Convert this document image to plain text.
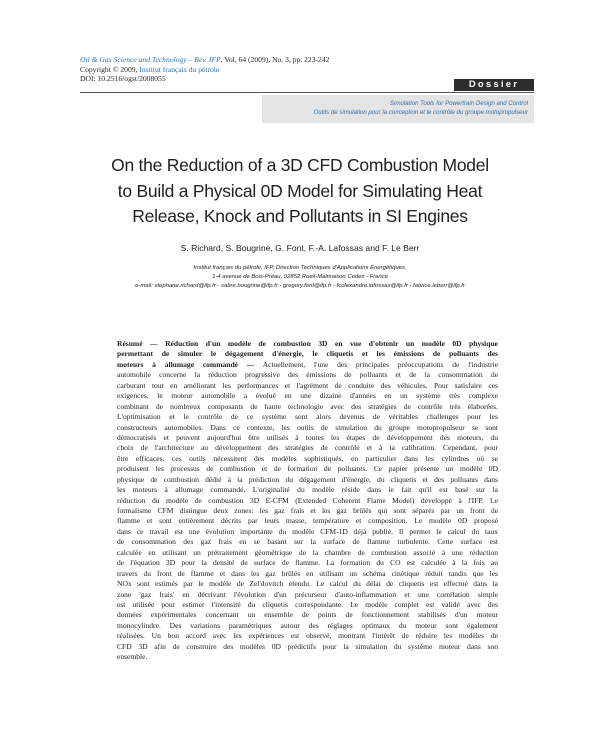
Oil & Gas Science and Technology – Rev. IFP, Vol. 64 (2009), No. 3, pp. 223-242
Copyright © 2009, Institut français du pétrole
DOI: 10.2516/ogst/2008055
Dossier
Simulation Tools for Powertrain Design and Control
Outils de simulation pour la conception et le contrôle du groupe motopropulseur
On the Reduction of a 3D CFD Combustion Model
to Build a Physical 0D Model for Simulating Heat
Release, Knock and Pollutants in SI Engines
S. Richard, S. Bougrine, G. Font, F.-A. Lafossas and F. Le Berr
Institut français du pétrole, IFP, Direction Techniques d'Applications Énergétiques,
1-4 avenue de Bois-Préau, 92852 Rueil-Malmaison Cedex - France
e-mail: stephane.richard@ifp.fr - sabre.bougrine@ifp.fr - gregory.font@ifp.fr - fcolexandre.lafossas@ifp.fr - fabrice.leberr@ifp.fr
Résumé — Réduction d'un modèle de combustion 3D en vue d'obtenir un modèle 0D physique
permettant de simuler le dégagement d'énergie, le cliquetis et les émissions de polluants des
moteurs à allumage commandé — Actuellement, l'une des principales préoccupations de l'industrie
automobile concerne la réduction progressive des émissions de polluants et de la consommation de
carburant tout en améliorant les performances et l'agrément de conduite des véhicules. Pour satisfaire ces
exigences, le moteur automobile a évolué en une dizaine d'années en un système très complexe
combinant de nombreux composants de haute technologie avec des stratégies de contrôle très élaborées.
L'optimisation et le contrôle de ce système sont alors devenus de véritables challenges pour les
constructeurs automobiles. Dans ce contexte, les outils de simulation du groupe motopropulseur se sont
démocratisés et peuvent aujourd'hui être utilisés à toutes les étapes de développement des moteurs, du
choix de l'architecture au développement des stratégies de contrôle et à la calibration. Cependant, pour
être efficaces, ces outils nécessitent des modèles sophistiqués, en particulier dans les cylindres où se
produisent les processus de combustion et de formation de polluants. Ce papier présente un modèle 0D
physique de combustion dédié à la prédiction du dégagement d'énergie, du cliquetis et des polluants dans
les moteurs à allumage commandé. L'originalité du modèle réside dans le fait qu'il est basé sur la
réduction du modèle de combustion 3D E-CFM (Extended Coherent Flame Model) développé à l'IFP. Le
formalisme CFM distingue deux zones: les gaz frais et les gaz brûlés qui sont séparés par un front de
flamme et sont entièrement décrits par leurs masse, température et composition. Le modèle 0D proposé
dans ce travail est une évolution importante du modèle CFM-1D déjà publié. Il permet le calcul du taux
de consommation des gaz frais en se basant sur la surface de flamme turbulente. Cette surface est
calculée en utilisant un prétraitement géométrique de la chambre de combustion associé à une réduction
de l'équation 3D pour la densité de surface de flamme. La formation du CO est calculée à la fois au
travers du front de flamme et dans les gaz brûlés en utilisant un schéma cinétique réduit tandis que les
NOx sont estimés par le modèle de Zel'dovitch étendu. Le calcul du délai de cliquetis est effectué dans la
zone 'gaz frais' en décrivant l'évolution d'un précurseur d'auto-inflammation et une corrélation simple
est utilisée pour estimer l'intensité du cliquetis correspondante. Le modèle complet est validé avec des
données expérimentales concernant un ensemble de points de fonctionnement stabilisés d'un moteur
monocylindre. Des variations paramétriques autour des réglages optimaux du moteur sont également
réalisées. Un bon accord avec les expériences est observé, montrant l'intérêt de réduire les modèles de
CFD 3D afin de construire des modèles 0D prédictifs pour la simulation du système moteur dans son
ensemble.
